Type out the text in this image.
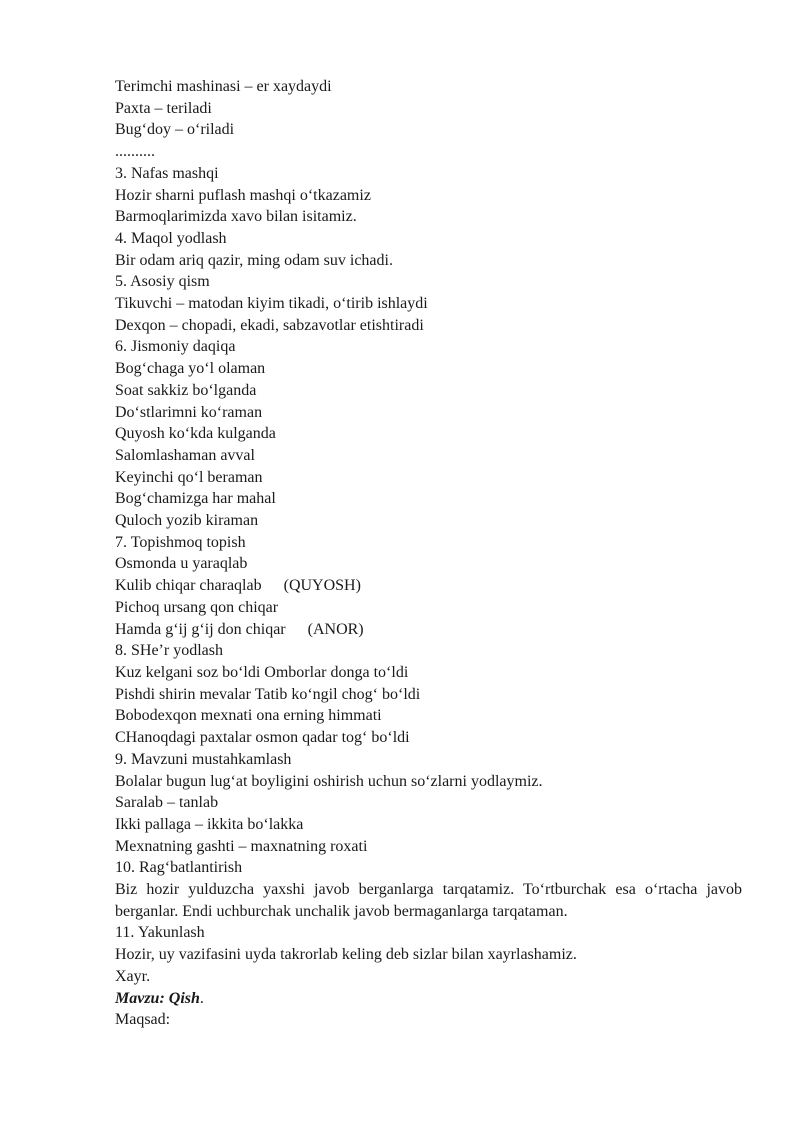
Terimchi mashinasi – er xaydaydi
Paxta – teriladi
Bug‘doy – o‘riladi
..........
3. Nafas mashqi
Hozir sharni puflash mashqi o‘tkazamiz
Barmoqlarimizda xavo bilan isitamiz.
4. Maqol yodlash
Bir odam ariq qazir, ming odam suv ichadi.
5. Asosiy qism
Tikuvchi – matodan kiyim tikadi, o‘tirib ishlaydi
Dexqon – chopadi, ekadi, sabzavotlar etishtiradi
6. Jismoniy daqiqa
Bog‘chaga yo‘l olaman
Soat sakkiz bo‘lganda
Do‘stlarimni ko‘raman
Quyosh ko‘kda kulganda
Salomlashaman avval
Keyinchi qo‘l beraman
Bog‘chamizga har mahal
Quloch yozib kiraman
7. Topishmoq topish
Osmonda u yaraqlab
Kulib chiqar charaqlab (QUYOSH)
Pichoq ursang qon chiqar
Hamda g‘ij g‘ij don chiqar (ANOR)
8. SHe’r yodlash
Kuz kelgani soz bo‘ldi Omborlar donga to‘ldi
Pishdi shirin mevalar Tatib ko‘ngil chog‘ bo‘ldi
Bobodexqon mexnati ona erning himmati
CHanoqdagi paxtalar osmon qadar tog‘ bo‘ldi
9. Mavzuni mustahkamlash
Bolalar bugun lug‘at boyligini oshirish uchun so‘zlarni yodlaymiz.
Saralab – tanlab
Ikki pallaga – ikkita bo‘lakka
Mexnatning gashti – maxnatning roxati
10. Rag‘batlantirish
Biz hozir yulduzcha yaxshi javob berganlarga tarqatamiz. To‘rtburchak esa o‘rtacha javob berganlar. Endi uchburchak unchalik javob bermaganlarga tarqataman.
11. Yakunlash
Hozir, uy vazifasini uyda takrorlab keling deb sizlar bilan xayrlashamiz.
Xayr.
Mavzu: Qish.
Maqsad:
